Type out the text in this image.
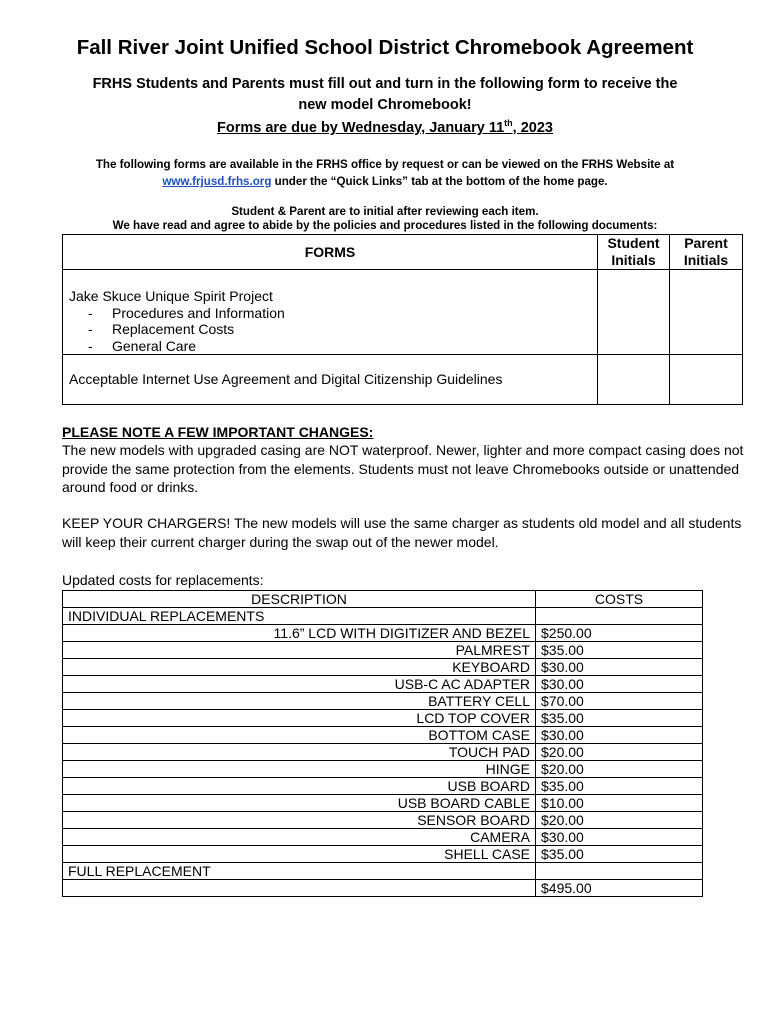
Fall River Joint Unified School District Chromebook Agreement
FRHS Students and Parents must fill out and turn in the following form to receive the
new model Chromebook!
Forms are due by Wednesday, January 11th, 2023
The following forms are available in the FRHS office by request or can be viewed on the FRHS Website at
www.frjusd.frhs.org under the “Quick Links” tab at the bottom of the home page.
Student & Parent are to initial after reviewing each item.
We have read and agree to abide by the policies and procedures listed in the following documents:
FORMS	Student Initials	Parent Initials

Jake Skuce Unique Spirit Project
- Procedures and Information
- Replacement Costs
- General Care		

Acceptable Internet Use Agreement and Digital Citizenship Guidelines		
PLEASE NOTE A FEW IMPORTANT CHANGES:
The new models with upgraded casing are NOT waterproof. Newer, lighter and more compact casing does not provide the same protection from the elements. Students must not leave Chromebooks outside or unattended around food or drinks.
KEEP YOUR CHARGERS! The new models will use the same charger as students old model and all students will keep their current charger during the swap out of the newer model.
Updated costs for replacements:
DESCRIPTION	COSTS
INDIVIDUAL REPLACEMENTS	
11.6” LCD WITH DIGITIZER AND BEZEL	$250.00
PALMREST	$35.00
KEYBOARD	$30.00
USB-C AC ADAPTER	$30.00
BATTERY CELL	$70.00
LCD TOP COVER	$35.00
BOTTOM CASE	$30.00
TOUCH PAD	$20.00
HINGE	$20.00
USB BOARD	$35.00
USB BOARD CABLE	$10.00
SENSOR BOARD	$20.00
CAMERA	$30.00
SHELL CASE	$35.00
FULL REPLACEMENT	
	$495.00
